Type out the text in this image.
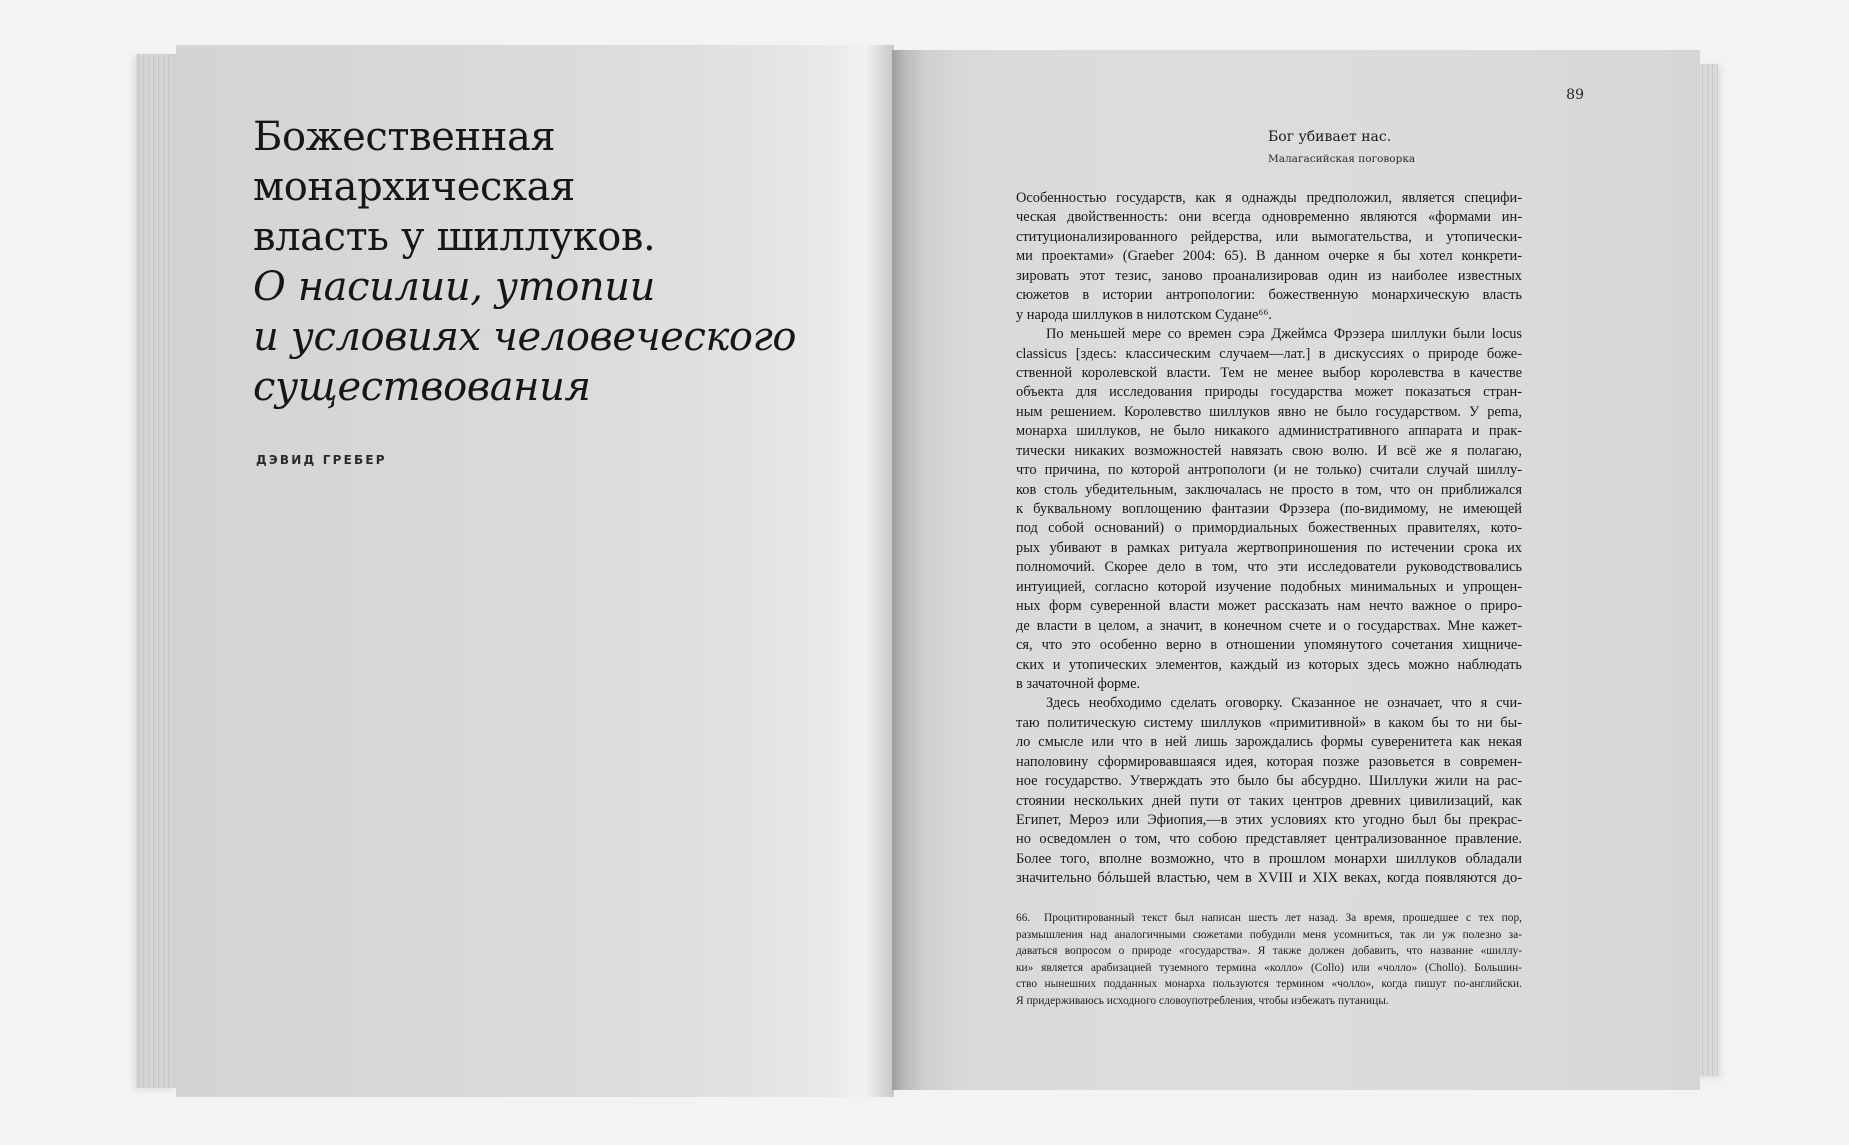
Божественная
монархическая
власть у шиллуков.
О насилии, утопии
и условиях человеческого
существования
ДЭВИД ГРЕБЕР
89
Бог убивает нас.
Малагасийская поговорка
Особенностью государств, как я однажды предположил, является специфи-
ческая двойственность: они всегда одновременно являются «формами ин-
ституционализированного рейдерства, или вымогательства, и утопически-
ми проектами» (Graeber 2004: 65). В данном очерке я бы хотел конкрети-
зировать этот тезис, заново проанализировав один из наиболее известных
сюжетов в истории антропологии: божественную монархическую власть
у народа шиллуков в нилотском Судане⁶⁶.
По меньшей мере со времен сэра Джеймса Фрэзера шиллуки были locus
classicus [здесь: классическим случаем—лат.] в дискуссиях о природе боже-
ственной королевской власти. Тем не менее выбор королевства в качестве
объекта для исследования природы государства может показаться стран-
ным решением. Королевство шиллуков явно не было государством. У реma,
монарха шиллуков, не было никакого административного аппарата и прак-
тически никаких возможностей навязать свою волю. И всё же я полагаю,
что причина, по которой антропологи (и не только) считали случай шиллу-
ков столь убедительным, заключалась не просто в том, что он приближался
к буквальному воплощению фантазии Фрэзера (по-видимому, не имеющей
под собой оснований) о примордиальных божественных правителях, кото-
рых убивают в рамках ритуала жертвоприношения по истечении срока их
полномочий. Скорее дело в том, что эти исследователи руководствовались
интуицией, согласно которой изучение подобных минимальных и упрощен-
ных форм суверенной власти может рассказать нам нечто важное о приро-
де власти в целом, а значит, в конечном счете и о государствах. Мне кажет-
ся, что это особенно верно в отношении упомянутого сочетания хищниче-
ских и утопических элементов, каждый из которых здесь можно наблюдать
в зачаточной форме.
Здесь необходимо сделать оговорку. Сказанное не означает, что я счи-
таю политическую систему шиллуков «примитивной» в каком бы то ни бы-
ло смысле или что в ней лишь зарождались формы суверенитета как некая
наполовину сформировавшаяся идея, которая позже разовьется в современ-
ное государство. Утверждать это было бы абсурдно. Шиллуки жили на рас-
стоянии нескольких дней пути от таких центров древних цивилизаций, как
Египет, Мероэ или Эфиопия,—в этих условиях кто угодно был бы прекрас-
но осведомлен о том, что собою представляет централизованное правление.
Более того, вполне возможно, что в прошлом монархи шиллуков обладали
значительно бóльшей властью, чем в XVIII и XIX веках, когда появляются до-
66. Процитированный текст был написан шесть лет назад. За время, прошедшее с тех пор,
размышления над аналогичными сюжетами побудили меня усомниться, так ли уж полезно за-
даваться вопросом о природе «государства». Я также должен добавить, что название «шиллу-
ки» является арабизацией туземного термина «колло» (Collo) или «чолло» (Chollo). Большин-
ство нынешних подданных монарха пользуются термином «чолло», когда пишут по-английски.
Я придерживаюсь исходного словоупотребления, чтобы избежать путаницы.
